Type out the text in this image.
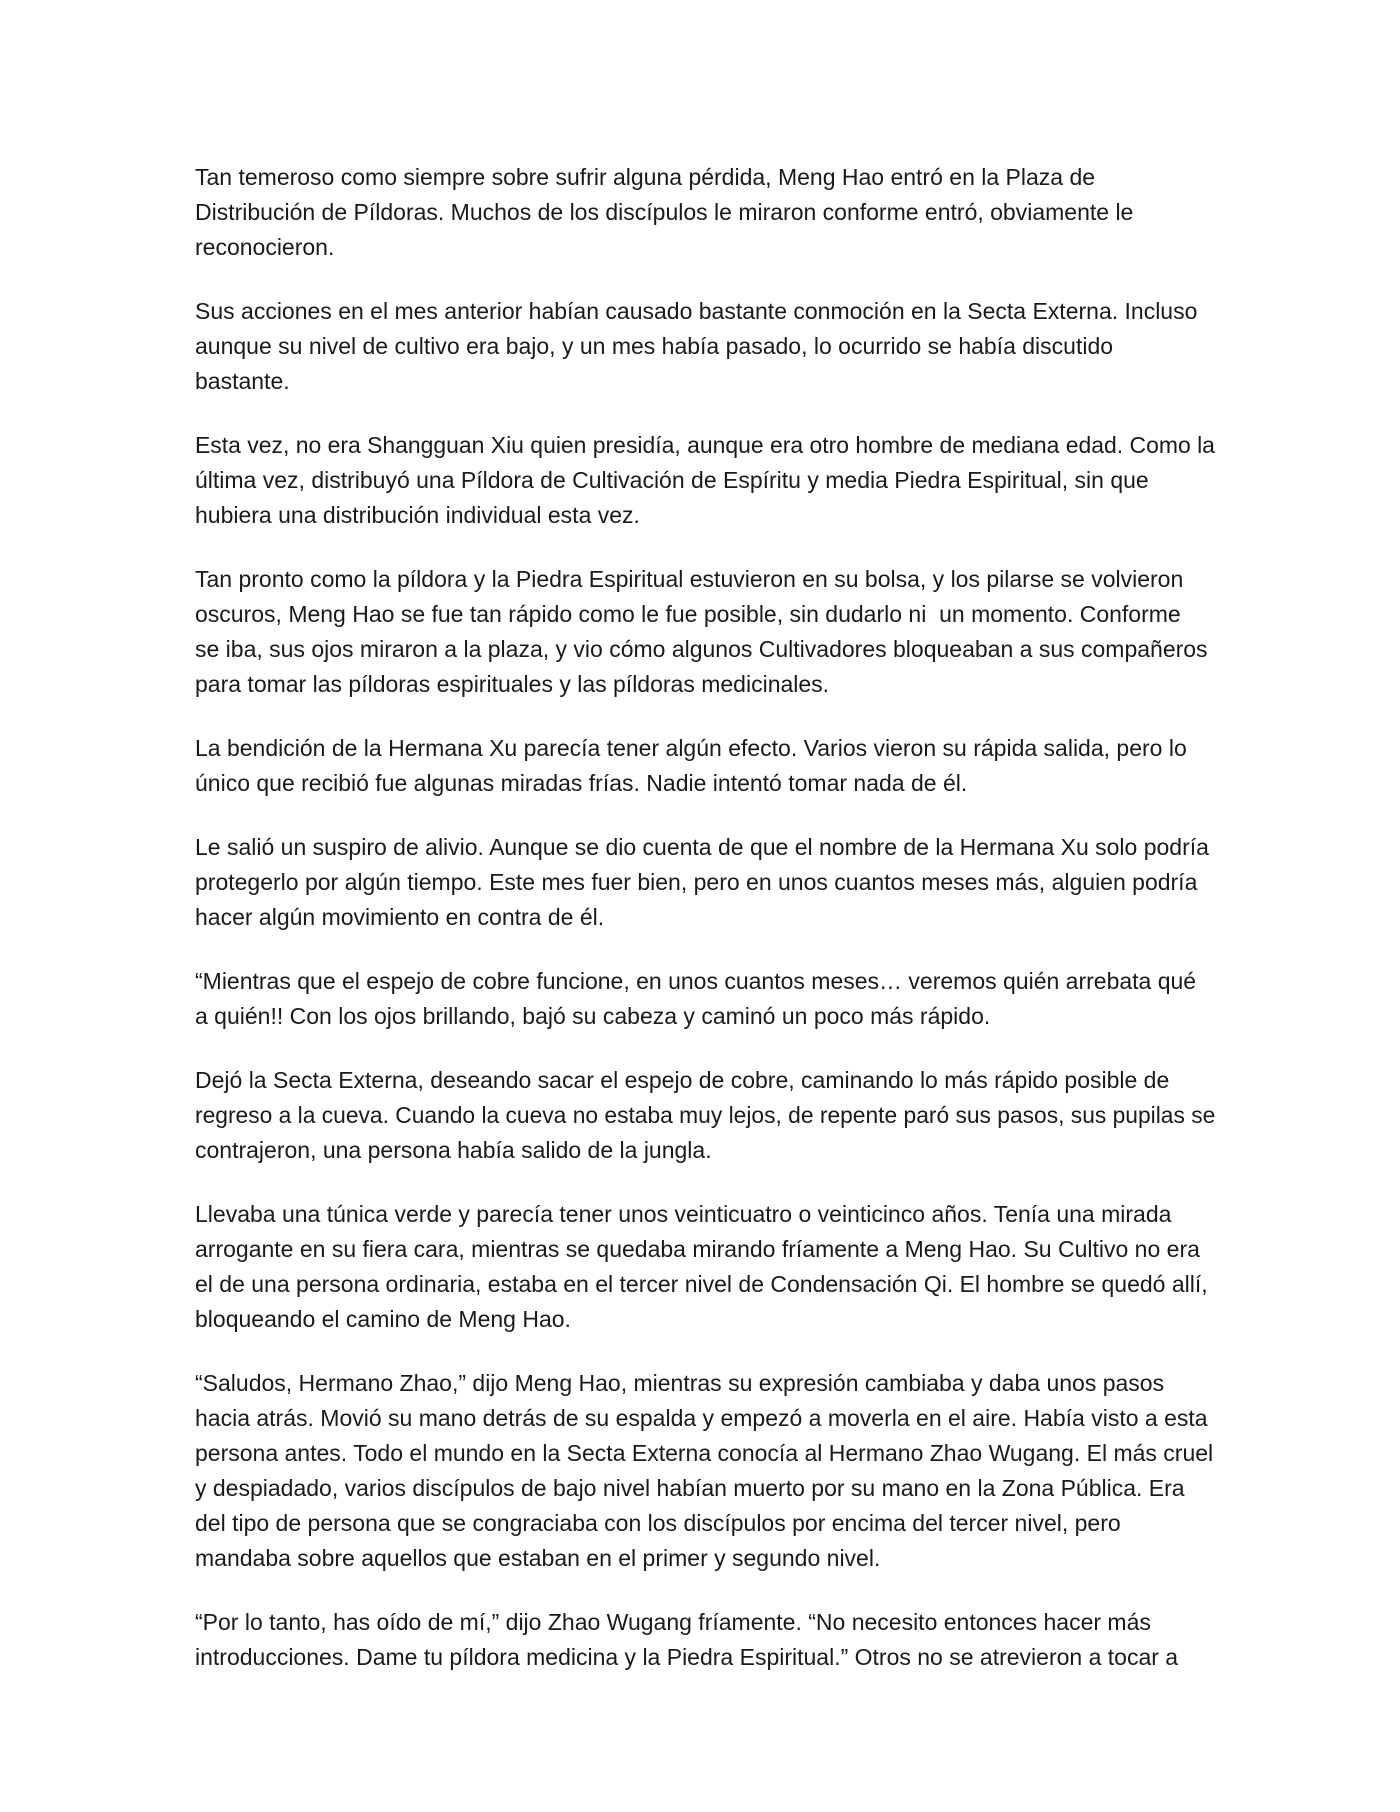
Tan temeroso como siempre sobre sufrir alguna pérdida, Meng Hao entró en la Plaza de
Distribución de Píldoras. Muchos de los discípulos le miraron conforme entró, obviamente le
reconocieron.

Sus acciones en el mes anterior habían causado bastante conmoción en la Secta Externa. Incluso
aunque su nivel de cultivo era bajo, y un mes había pasado, lo ocurrido se había discutido
bastante.

Esta vez, no era Shangguan Xiu quien presidía, aunque era otro hombre de mediana edad. Como la
última vez, distribuyó una Píldora de Cultivación de Espíritu y media Piedra Espiritual, sin que
hubiera una distribución individual esta vez.

Tan pronto como la píldora y la Piedra Espiritual estuvieron en su bolsa, y los pilarse se volvieron
oscuros, Meng Hao se fue tan rápido como le fue posible, sin dudarlo ni  un momento. Conforme
se iba, sus ojos miraron a la plaza, y vio cómo algunos Cultivadores bloqueaban a sus compañeros
para tomar las píldoras espirituales y las píldoras medicinales.

La bendición de la Hermana Xu parecía tener algún efecto. Varios vieron su rápida salida, pero lo
único que recibió fue algunas miradas frías. Nadie intentó tomar nada de él.

Le salió un suspiro de alivio. Aunque se dio cuenta de que el nombre de la Hermana Xu solo podría
protegerlo por algún tiempo. Este mes fuer bien, pero en unos cuantos meses más, alguien podría
hacer algún movimiento en contra de él.

“Mientras que el espejo de cobre funcione, en unos cuantos meses… veremos quién arrebata qué
a quién!! Con los ojos brillando, bajó su cabeza y caminó un poco más rápido.

Dejó la Secta Externa, deseando sacar el espejo de cobre, caminando lo más rápido posible de
regreso a la cueva. Cuando la cueva no estaba muy lejos, de repente paró sus pasos, sus pupilas se
contrajeron, una persona había salido de la jungla.

Llevaba una túnica verde y parecía tener unos veinticuatro o veinticinco años. Tenía una mirada
arrogante en su fiera cara, mientras se quedaba mirando fríamente a Meng Hao. Su Cultivo no era
el de una persona ordinaria, estaba en el tercer nivel de Condensación Qi. El hombre se quedó allí,
bloqueando el camino de Meng Hao.

“Saludos, Hermano Zhao,” dijo Meng Hao, mientras su expresión cambiaba y daba unos pasos
hacia atrás. Movió su mano detrás de su espalda y empezó a moverla en el aire. Había visto a esta
persona antes. Todo el mundo en la Secta Externa conocía al Hermano Zhao Wugang. El más cruel
y despiadado, varios discípulos de bajo nivel habían muerto por su mano en la Zona Pública. Era
del tipo de persona que se congraciaba con los discípulos por encima del tercer nivel, pero
mandaba sobre aquellos que estaban en el primer y segundo nivel.

“Por lo tanto, has oído de mí,” dijo Zhao Wugang fríamente. “No necesito entonces hacer más
introducciones. Dame tu píldora medicina y la Piedra Espiritual.” Otros no se atrevieron a tocar a
